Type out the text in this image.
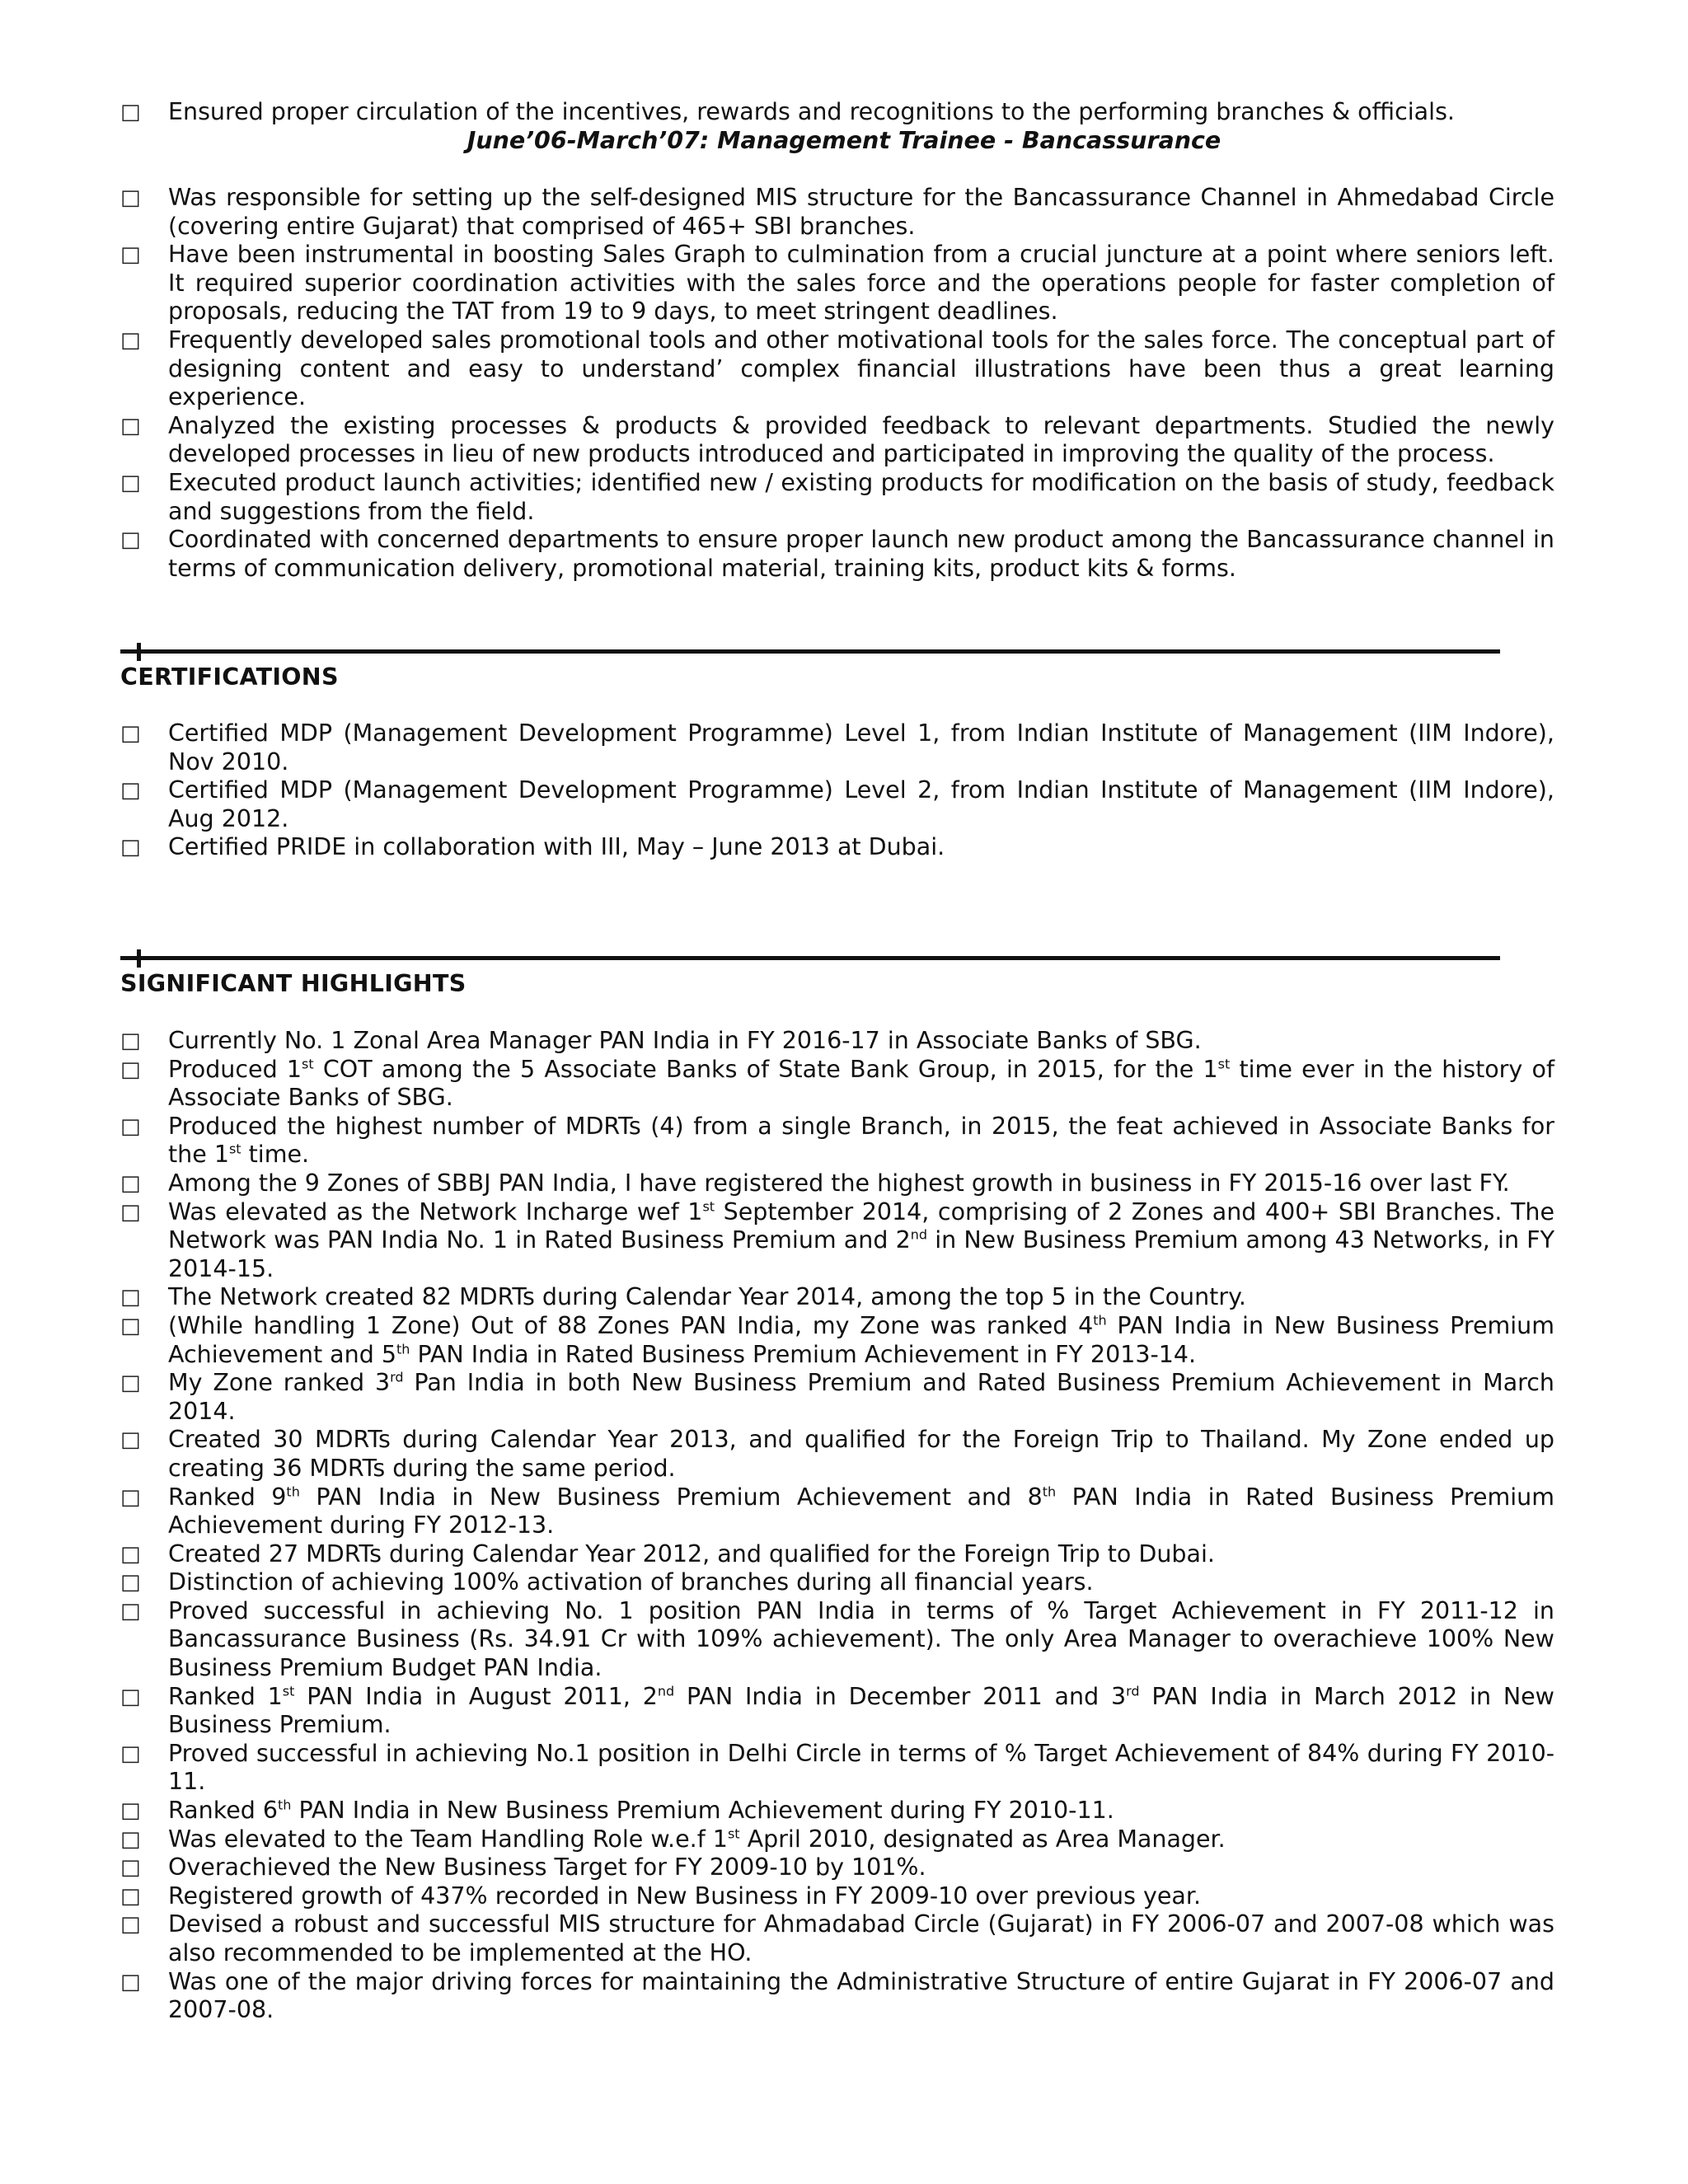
□ Ensured proper circulation of the incentives, rewards and recognitions to the performing branches & officials.
June’06-March’07: Management Trainee - Bancassurance
□ Was responsible for setting up the self-designed MIS structure for the Bancassurance Channel in Ahmedabad Circle (covering entire Gujarat) that comprised of 465+ SBI branches.
□ Have been instrumental in boosting Sales Graph to culmination from a crucial juncture at a point where seniors left. It required superior coordination activities with the sales force and the operations people for faster completion of proposals, reducing the TAT from 19 to 9 days, to meet stringent deadlines.
□ Frequently developed sales promotional tools and other motivational tools for the sales force. The conceptual part of designing content and easy to understand’ complex financial illustrations have been thus a great learning experience.
□ Analyzed the existing processes & products & provided feedback to relevant departments. Studied the newly developed processes in lieu of new products introduced and participated in improving the quality of the process.
□ Executed product launch activities; identified new / existing products for modification on the basis of study, feedback and suggestions from the field.
□ Coordinated with concerned departments to ensure proper launch new product among the Bancassurance channel in terms of communication delivery, promotional material, training kits, product kits & forms.
CERTIFICATIONS
□ Certified MDP (Management Development Programme) Level 1, from Indian Institute of Management (IIM Indore), Nov 2010.
□ Certified MDP (Management Development Programme) Level 2, from Indian Institute of Management (IIM Indore), Aug 2012.
□ Certified PRIDE in collaboration with III, May – June 2013 at Dubai.
SIGNIFICANT HIGHLIGHTS
□ Currently No. 1 Zonal Area Manager PAN India in FY 2016-17 in Associate Banks of SBG.
□ Produced 1st COT among the 5 Associate Banks of State Bank Group, in 2015, for the 1st time ever in the history of Associate Banks of SBG.
□ Produced the highest number of MDRTs (4) from a single Branch, in 2015, the feat achieved in Associate Banks for the 1st time.
□ Among the 9 Zones of SBBJ PAN India, I have registered the highest growth in business in FY 2015-16 over last FY.
□ Was elevated as the Network Incharge wef 1st September 2014, comprising of 2 Zones and 400+ SBI Branches. The Network was PAN India No. 1 in Rated Business Premium and 2nd in New Business Premium among 43 Networks, in FY 2014-15.
□ The Network created 82 MDRTs during Calendar Year 2014, among the top 5 in the Country.
□ (While handling 1 Zone) Out of 88 Zones PAN India, my Zone was ranked 4th PAN India in New Business Premium Achievement and 5th PAN India in Rated Business Premium Achievement in FY 2013-14.
□ My Zone ranked 3rd Pan India in both New Business Premium and Rated Business Premium Achievement in March 2014.
□ Created 30 MDRTs during Calendar Year 2013, and qualified for the Foreign Trip to Thailand. My Zone ended up creating 36 MDRTs during the same period.
□ Ranked 9th PAN India in New Business Premium Achievement and 8th PAN India in Rated Business Premium Achievement during FY 2012-13.
□ Created 27 MDRTs during Calendar Year 2012, and qualified for the Foreign Trip to Dubai.
□ Distinction of achieving 100% activation of branches during all financial years.
□ Proved successful in achieving No. 1 position PAN India in terms of % Target Achievement in FY 2011-12 in Bancassurance Business (Rs. 34.91 Cr with 109% achievement). The only Area Manager to overachieve 100% New Business Premium Budget PAN India.
□ Ranked 1st PAN India in August 2011, 2nd PAN India in December 2011 and 3rd PAN India in March 2012 in New Business Premium.
□ Proved successful in achieving No.1 position in Delhi Circle in terms of % Target Achievement of 84% during FY 2010-11.
□ Ranked 6th PAN India in New Business Premium Achievement during FY 2010-11.
□ Was elevated to the Team Handling Role w.e.f 1st April 2010, designated as Area Manager.
□ Overachieved the New Business Target for FY 2009-10 by 101%.
□ Registered growth of 437% recorded in New Business in FY 2009-10 over previous year.
□ Devised a robust and successful MIS structure for Ahmadabad Circle (Gujarat) in FY 2006-07 and 2007-08 which was also recommended to be implemented at the HO.
□ Was one of the major driving forces for maintaining the Administrative Structure of entire Gujarat in FY 2006-07 and 2007-08.
